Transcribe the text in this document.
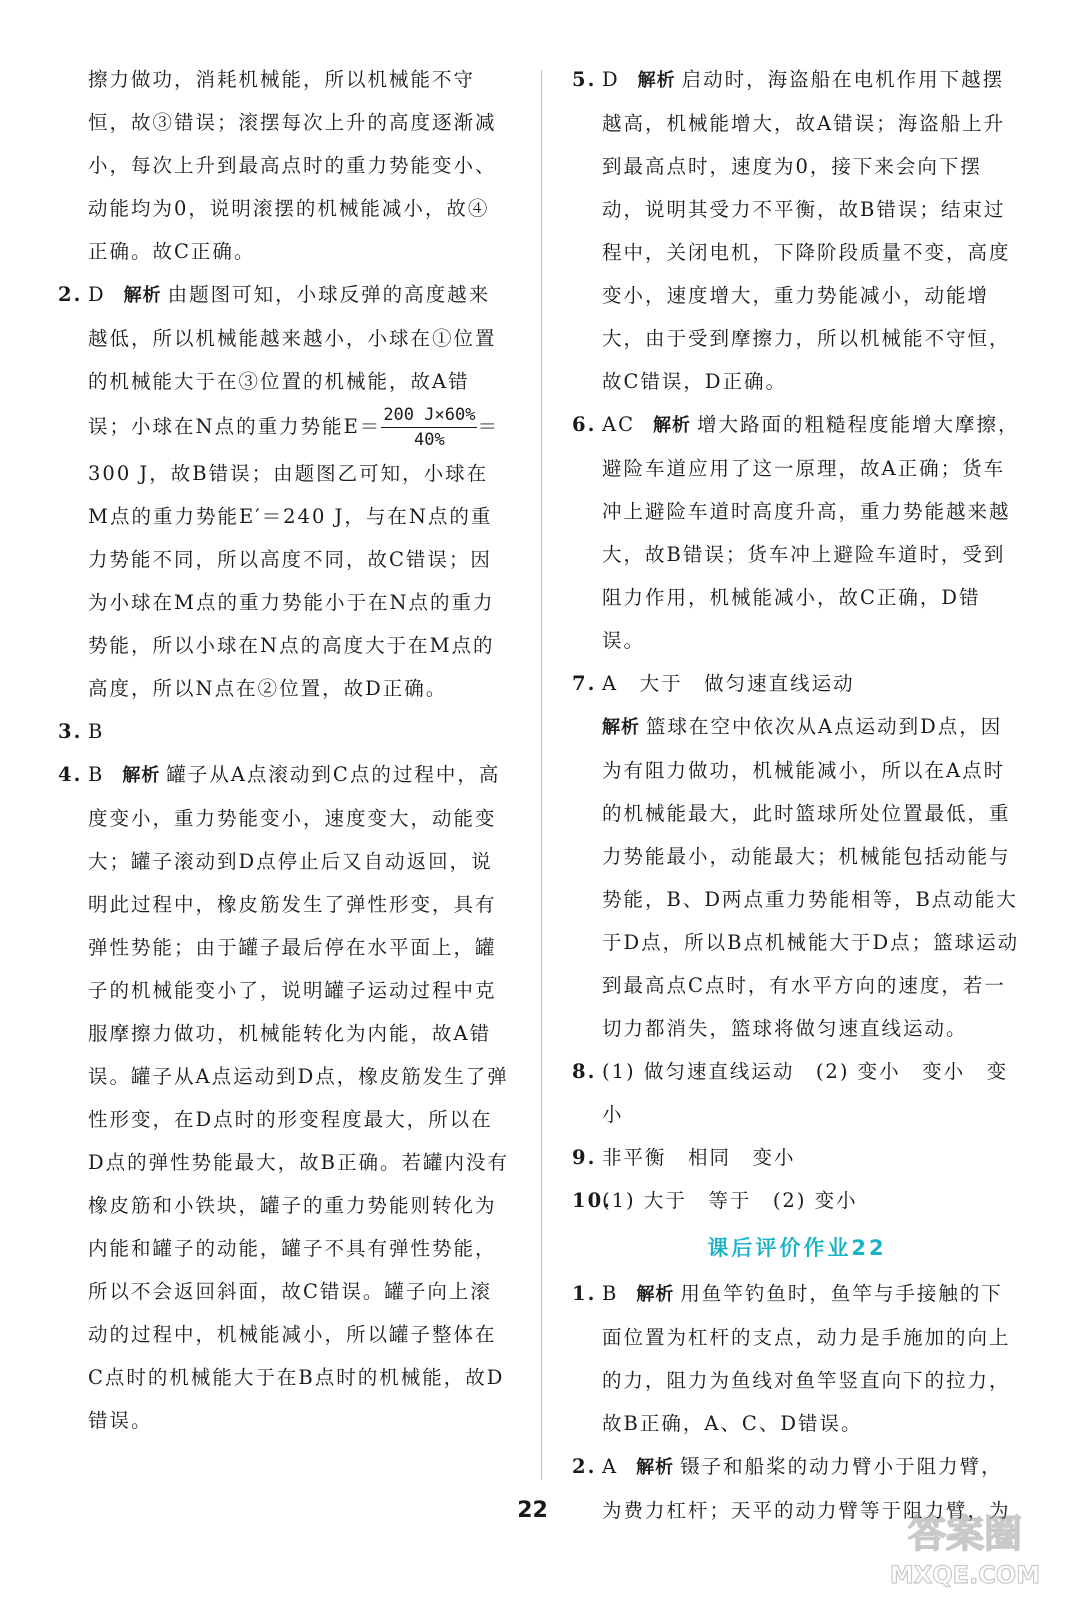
擦力做功，消耗机械能，所以机械能不守恒，故③错误；滚摆每次上升的高度逐渐减小，每次上升到最高点时的重力势能变小、动能均为0，说明滚摆的机械能减小，故④正确。故C正确。

2. D 解析 由题图可知，小球反弹的高度越来越低，所以机械能越来越小，小球在①位置的机械能大于在③位置的机械能，故A错误；小球在N点的重力势能$E= \frac{200 J\times 60\%}{40\%} =300$ J，故B错误；由题图乙可知，小球在M点的重力势能E′＝240 J，与在N点的重力势能不同，所以高度不同，故C错误；因为小球在M点的重力势能小于在N点的重力势能，所以小球在N点的高度大于在M点的高度，所以N点在②位置，故D正确。
3. B
4. B 解析 罐子从A点滚动到C点的过程中，高度变小，重力势能变小，速度变大，动能变大；罐子滚动到D点停止后又自动返回，说明此过程中，橡皮筋发生了弹性形变，具有弹性势能；由于罐子最后停在水平面上，罐子的机械能变小了，说明罐子运动过程中克服摩擦力做功，机械能转化为内能，故A错误。罐子从A点运动到D点，橡皮筋发生了弹性形变，在D点时的形变程度最大，所以在D点的弹性势能最大，故B正确。若罐内没有橡皮筋和小铁块，罐子的重力势能则转化为内能和罐子的动能，罐子不具有弹性势能，所以不会返回斜面，故C错误。罐子向上滚动的过程中，机械能减小，所以罐子整体在C点时的机械能大于在B点时的机械能，故D错误。
5. D 解析 启动时，海盗船在电机作用下越摆越高，机械能增大，故A错误；海盗船上升到最高点时，速度为0，接下来会向下摆动，说明其受力不平衡，故B错误；结束过程中，关闭电机，下降阶段质量不变，高度变小，速度增大，重力势能减小，动能增大，由于受到摩擦力，所以机械能不守恒，故C错误，D正确。
6. AC 解析 增大路面的粗糙程度能增大摩擦，避险车道应用了这一原理，故A正确；货车冲上避险车道时高度升高，重力势能越来越大，故B错误；货车冲上避险车道时，受到阻力作用，机械能减小，故C正确，D错误。
7. A　大于　做匀速直线运动

解析 篮球在空中依次从A点运动到D点，因为有阻力做功，机械能减小，所以在A点时的机械能最大，此时篮球所处位置最低，重力势能最小，动能最大；机械能包括动能与势能，B、D两点重力势能相等，B点动能大于D点，所以B点机械能大于D点；篮球运动到最高点C点时，有水平方向的速度，若一切力都消失，篮球将做匀速直线运动。

8. (1) 做匀速直线运动　(2) 变小　变小　变小
9. 非平衡　相同　变小
10.
(1) 大于　等于　(2) 变小
课后评价作业22
1. B 解析 用鱼竿钓鱼时，鱼竿与手接触的下面位置为杠杆的支点，动力是手施加的向上的力，阻力为鱼线对鱼竿竖直向下的拉力，故B正确，A、C、D错误。
2. A 解析 镊子和船桨的动力臂小于阻力臂，为费力杠杆；天平的动力臂等于阻力臂，为
22
答案圈
MXQE.COM
